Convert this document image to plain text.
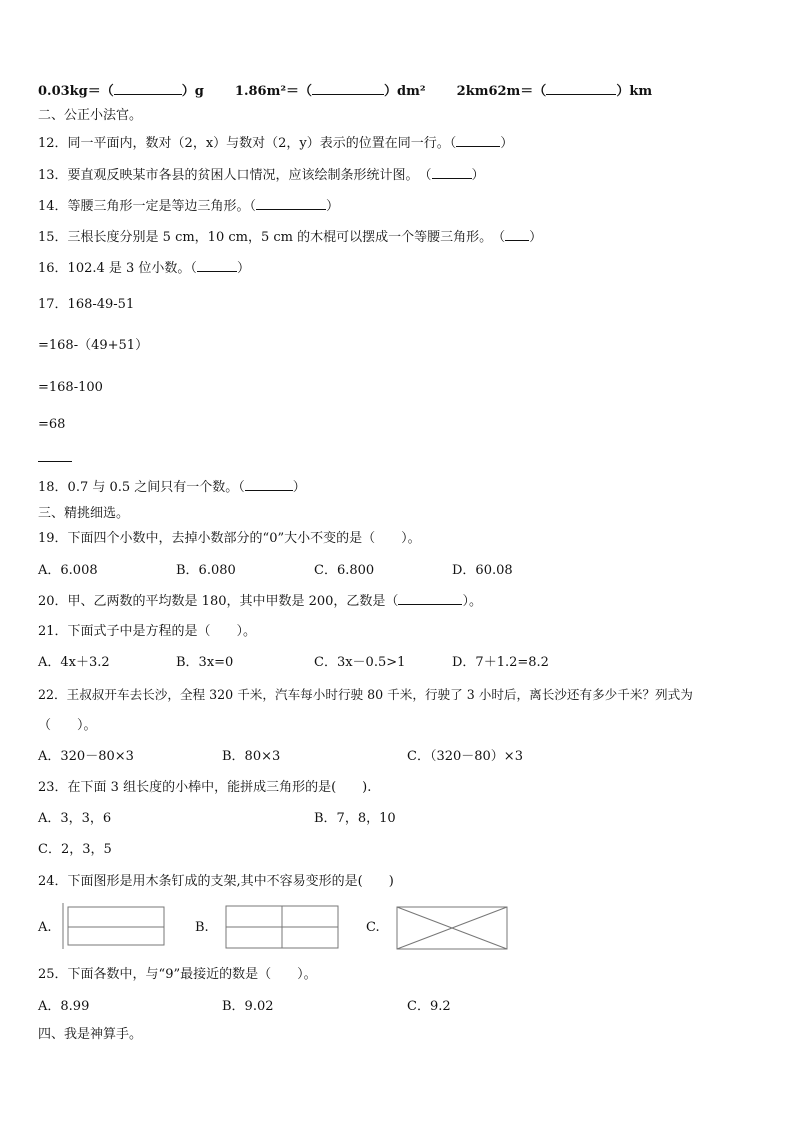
0.03kg＝（	）g 1.86m²＝（	）dm² 2km62m＝（	）km
二、公正小法官。
12．同一平面内，数对（2，x）与数对（2，y）表示的位置在同一行。（	）
13．要直观反映某市各县的贫困人口情况，应该绘制条形统计图。　（	）
14．等腰三角形一定是等边三角形。（	）
15．三根长度分别是 5 cm，10 cm，5 cm 的木棍可以摆成一个等腰三角形。　（ ）
16．102.4 是 3 位小数。（	）
17．168-49-51
=168-（49+51）
=168-100
=68
18．0.7 与 0.5 之间只有一个数。（	）
三、精挑细选。
19．下面四个小数中，去掉小数部分的“0”大小不变的是（　　）。
A．6.008	B．6.080	C．6.800	D．60.08
20．甲、乙两数的平均数是 180，其中甲数是 200，乙数是（	）。
21．下面式子中是方程的是（　　）。
A．4x＋3.2	B．3x=0	C．3x－0.5>1	D．7＋1.2=8.2
22．王叔叔开车去长沙，全程 320 千米，汽车每小时行驶 80 千米，行驶了 3 小时后，离长沙还有多少千米？列式为
（　　）。
A．320－80×3	B．80×3	C．（320－80）×3
23．在下面 3 组长度的小棒中，能拼成三角形的是(　　).
A．3，3，6	B．7，8，10
C．2，3，5
24．下面图形是用木条钉成的支架,其中不容易变形的是(　　)
A.	B.	C.
25．下面各数中，与“9”最接近的数是（　　）。
A．8.99	B．9.02	C．9.2
四、我是神算手。
